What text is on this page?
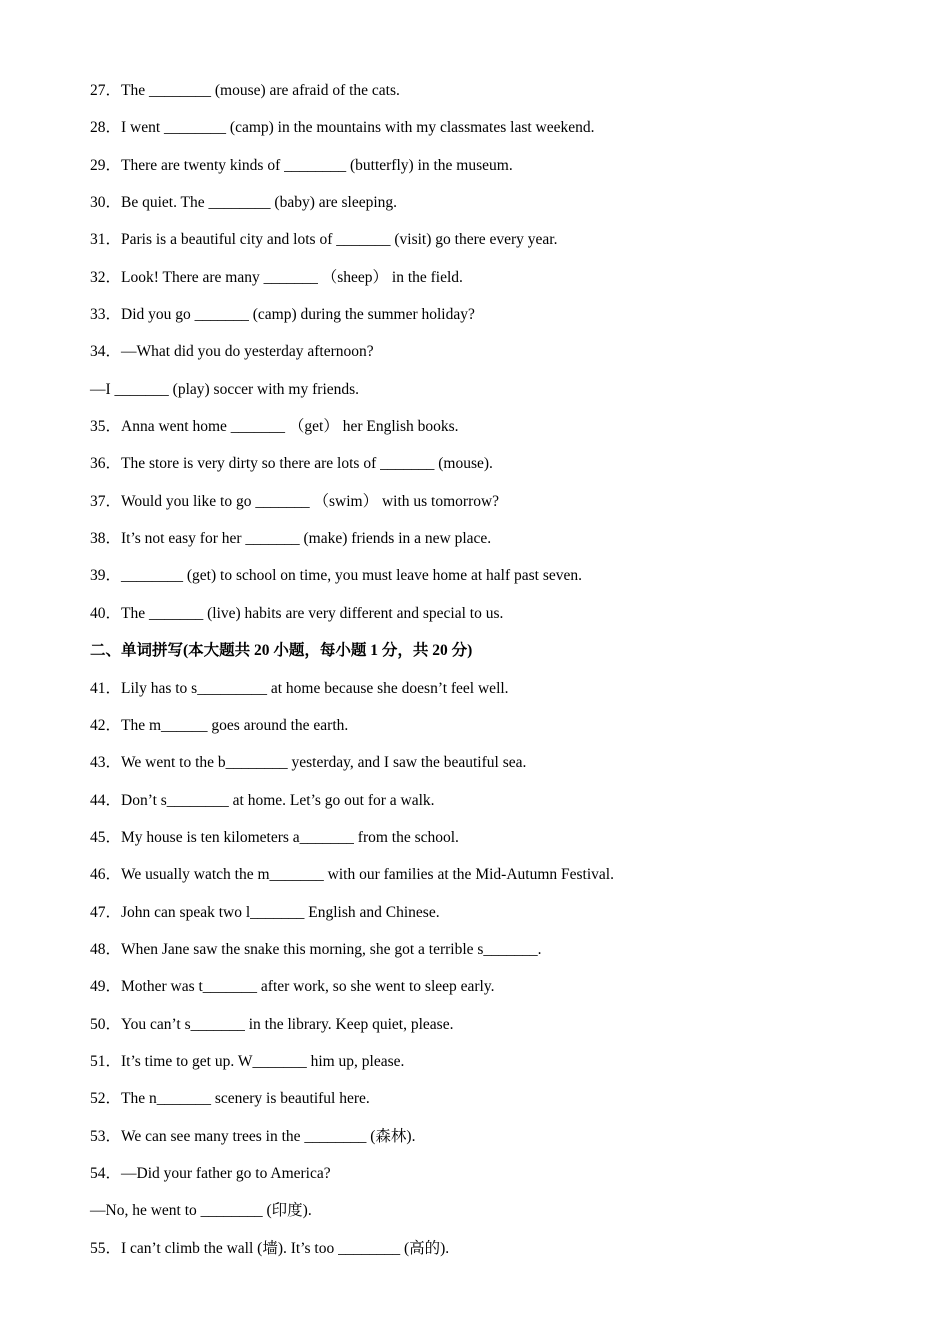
27．The ________ (mouse) are afraid of the cats.
28．I went ________ (camp) in the mountains with my classmates last weekend.
29．There are twenty kinds of ________ (butterfly) in the museum.
30．Be quiet. The ________ (baby) are sleeping.
31．Paris is a beautiful city and lots of _______ (visit) go there every year.
32．Look! There are many _______ （sheep） in the field.
33．Did you go _______ (camp) during the summer holiday?
34．—What did you do yesterday afternoon?
—I _______ (play) soccer with my friends.
35．Anna went home _______ （get） her English books.
36．The store is very dirty so there are lots of _______ (mouse).
37．Would you like to go _______ （swim） with us tomorrow?
38．It’s not easy for her _______ (make) friends in a new place.
39．________ (get) to school on time, you must leave home at half past seven.
40．The _______ (live) habits are very different and special to us.
二、单词拼写(本大题共 20 小题，每小题 1 分，共 20 分)
41．Lily has to s_________ at home because she doesn’t feel well.
42．The m______ goes around the earth.
43．We went to the b________ yesterday, and I saw the beautiful sea.
44．Don’t s________ at home. Let’s go out for a walk.
45．My house is ten kilometers a_______ from the school.
46．We usually watch the m_______ with our families at the Mid-Autumn Festival.
47．John can speak two l_______ English and Chinese.
48．When Jane saw the snake this morning, she got a terrible s_______.
49．Mother was t_______ after work, so she went to sleep early.
50．You can’t s_______ in the library. Keep quiet, please.
51．It’s time to get up. W_______ him up, please.
52．The n_______ scenery is beautiful here.
53．We can see many trees in the ________ (森林).
54．—Did your father go to America?
—No, he went to ________ (印度).
55．I can’t climb the wall (墙). It’s too ________ (高的).
